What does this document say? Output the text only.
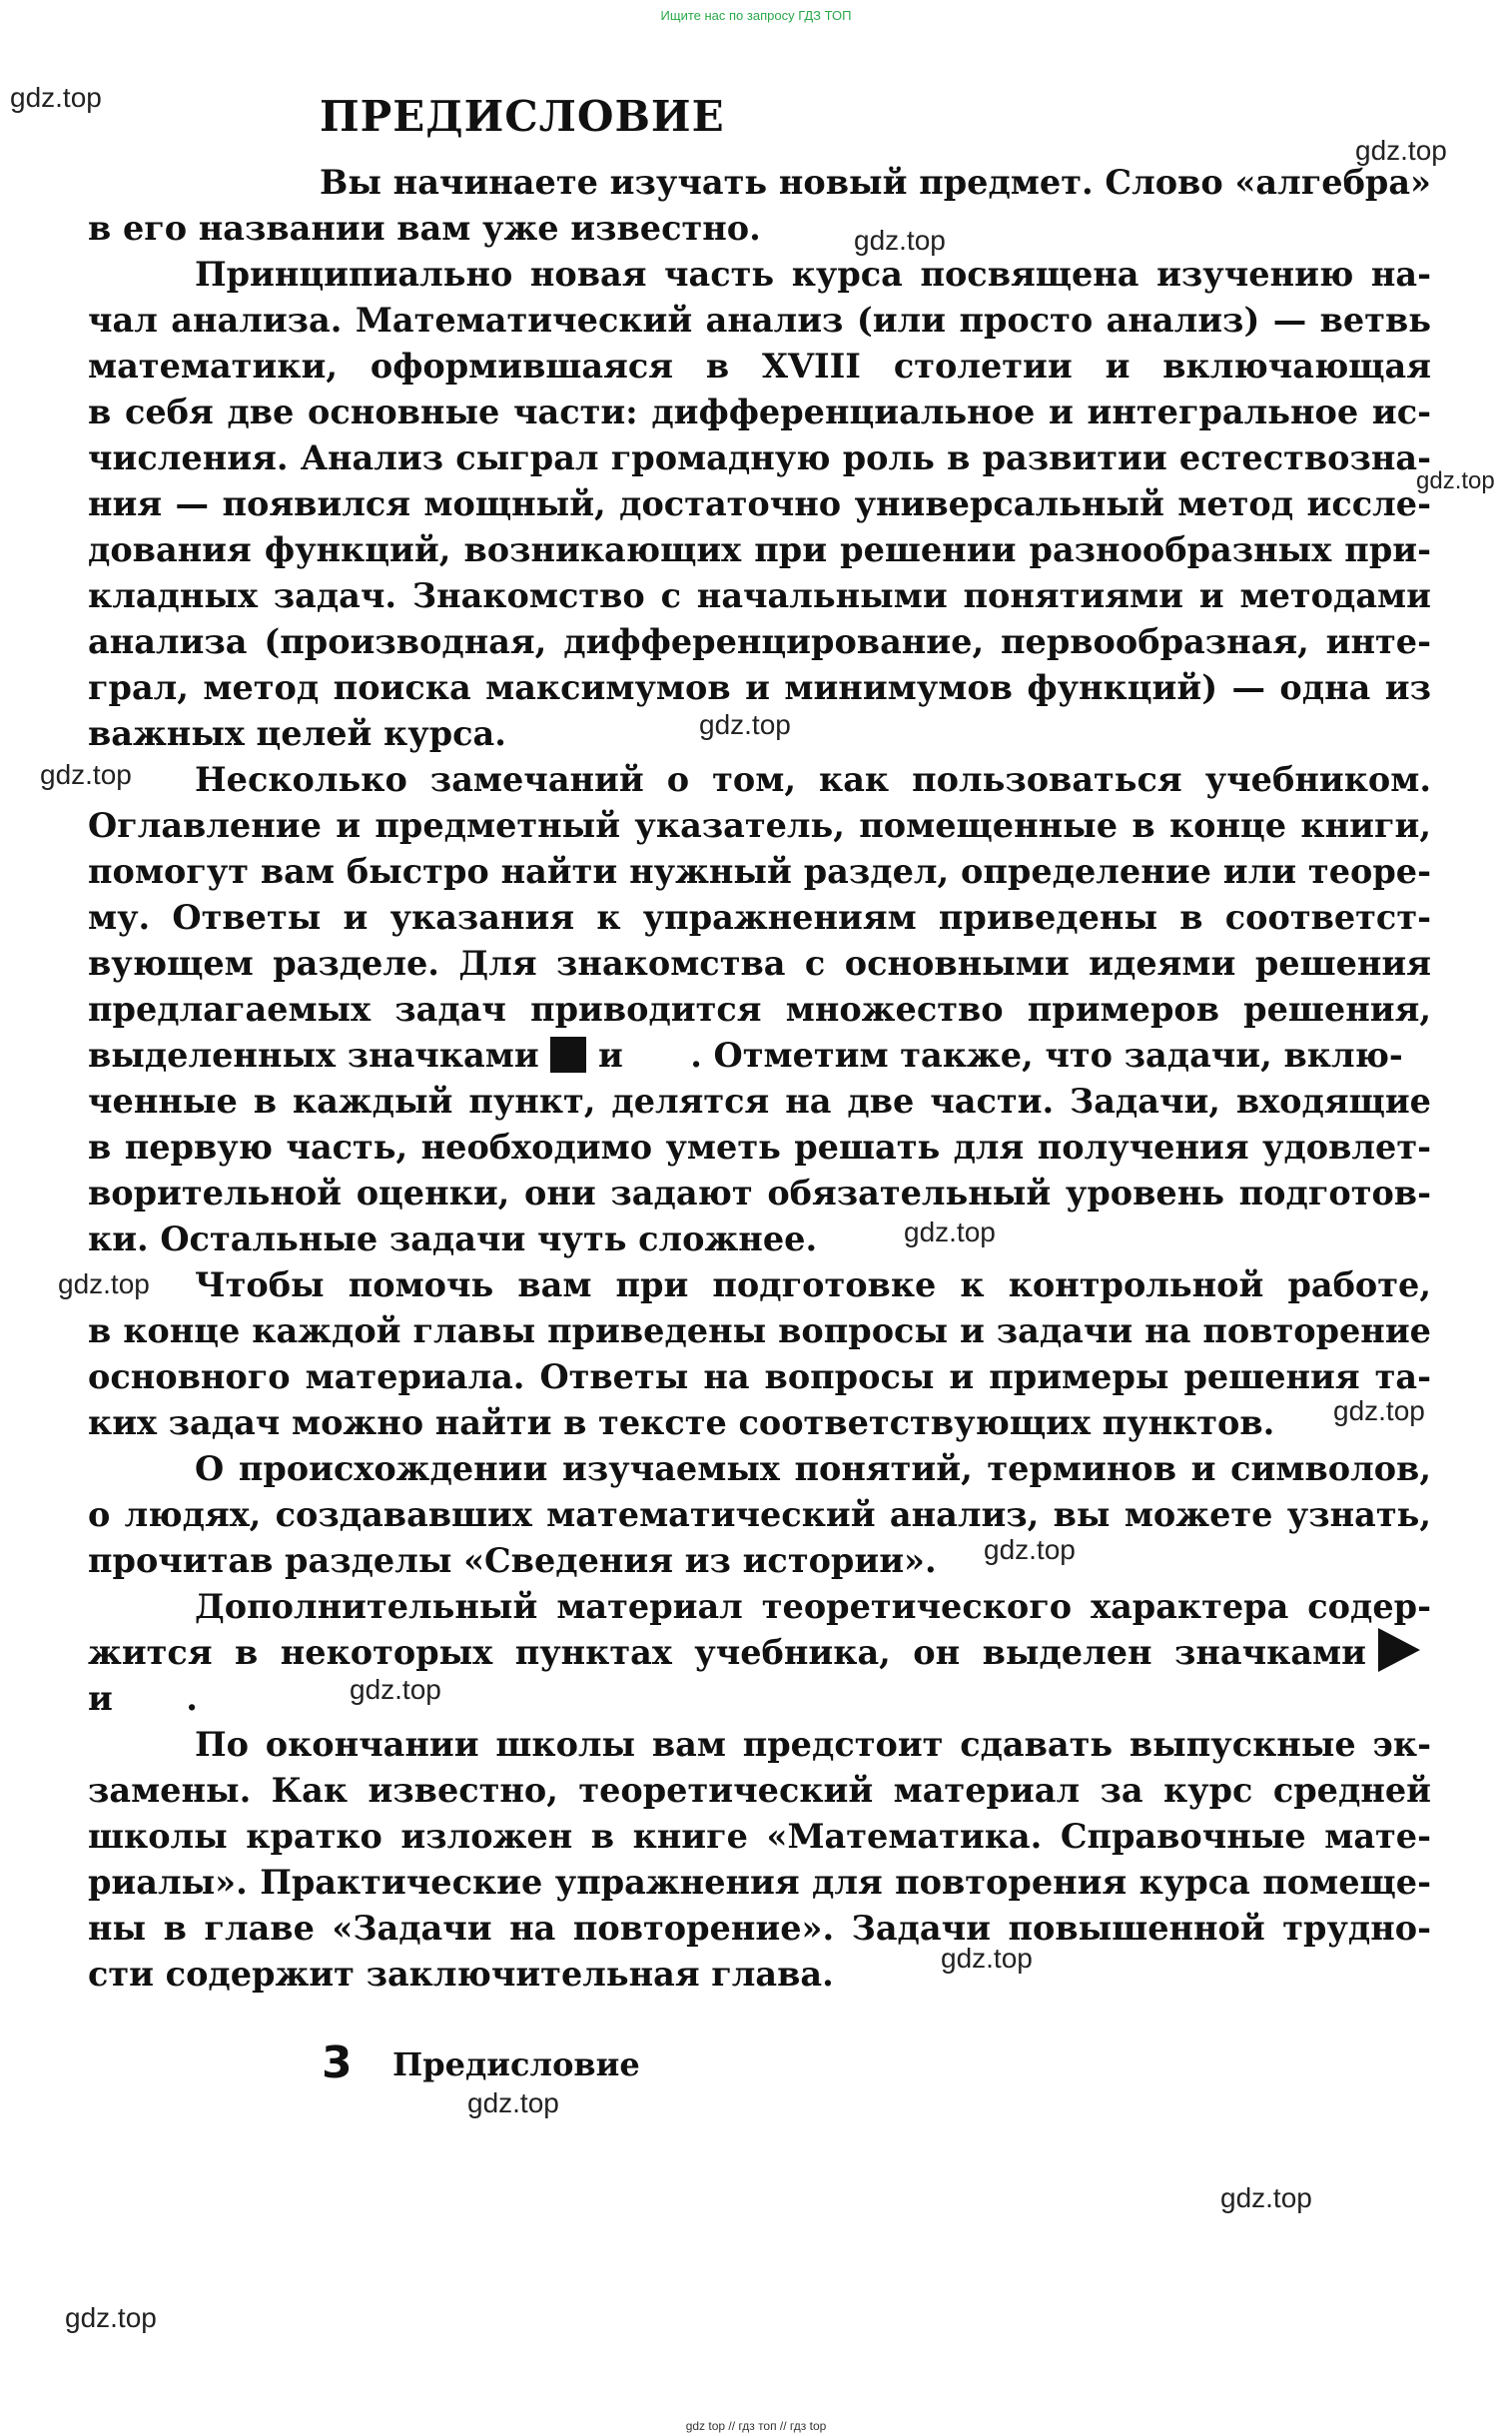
Ищите нас по запросу ГДЗ ТОП
ПРЕДИСЛОВИЕ
Вы начинаете изучать новый предмет. Слово «алгебра»
в его названии вам уже известно.
Принципиально новая часть курса посвящена изучению на-
чал анализа. Математический анализ (или просто анализ) — ветвь
математики, оформившаяся в XVIII столетии и включающая
в себя две основные части: дифференциальное и интегральное ис-
числения. Анализ сыграл громадную роль в развитии естествозна-
ния — появился мощный, достаточно универсальный метод иссле-
дования функций, возникающих при решении разнообразных при-
кладных задач. Знакомство с начальными понятиями и методами
анализа (производная, дифференцирование, первообразная, инте-
грал, метод поиска максимумов и минимумов функций) — одна из
важных целей курса.
Несколько замечаний о том, как пользоваться учебником.
Оглавление и предметный указатель, помещенные в конце книги,
помогут вам быстро найти нужный раздел, определение или теоре-
му. Ответы и указания к упражнениям приведены в соответст-
вующем разделе. Для знакомства с основными идеями решения
предлагаемых задач приводится множество примеров решения,
выделенных значками и . Отметим также, что задачи, вклю-
ченные в каждый пункт, делятся на две части. Задачи, входящие
в первую часть, необходимо уметь решать для получения удовлет-
ворительной оценки, они задают обязательный уровень подготов-
ки. Остальные задачи чуть сложнее.
Чтобы помочь вам при подготовке к контрольной работе,
в конце каждой главы приведены вопросы и задачи на повторение
основного материала. Ответы на вопросы и примеры решения та-
ких задач можно найти в тексте соответствующих пунктов.
О происхождении изучаемых понятий, терминов и символов,
о людях, создававших математический анализ, вы можете узнать,
прочитав разделы «Сведения из истории».
Дополнительный материал теоретического характера содер-
жится в некоторых пунктах учебника, он выделен значками
и .
По окончании школы вам предстоит сдавать выпускные эк-
замены. Как известно, теоретический материал за курс средней
школы кратко изложен в книге «Математика. Справочные мате-
риалы». Практические упражнения для повторения курса помеще-
ны в главе «Задачи на повторение». Задачи повышенной трудно-
сти содержит заключительная глава.
3 Предисловие
gdz.top
gdz.top
gdz.top
gdz.top
gdz.top
gdz.top
gdz.top
gdz.top
gdz.top
gdz.top
gdz.top
gdz.top
gdz.top
gdz.top
gdz.top
gdz top // гдз топ // гдз top
